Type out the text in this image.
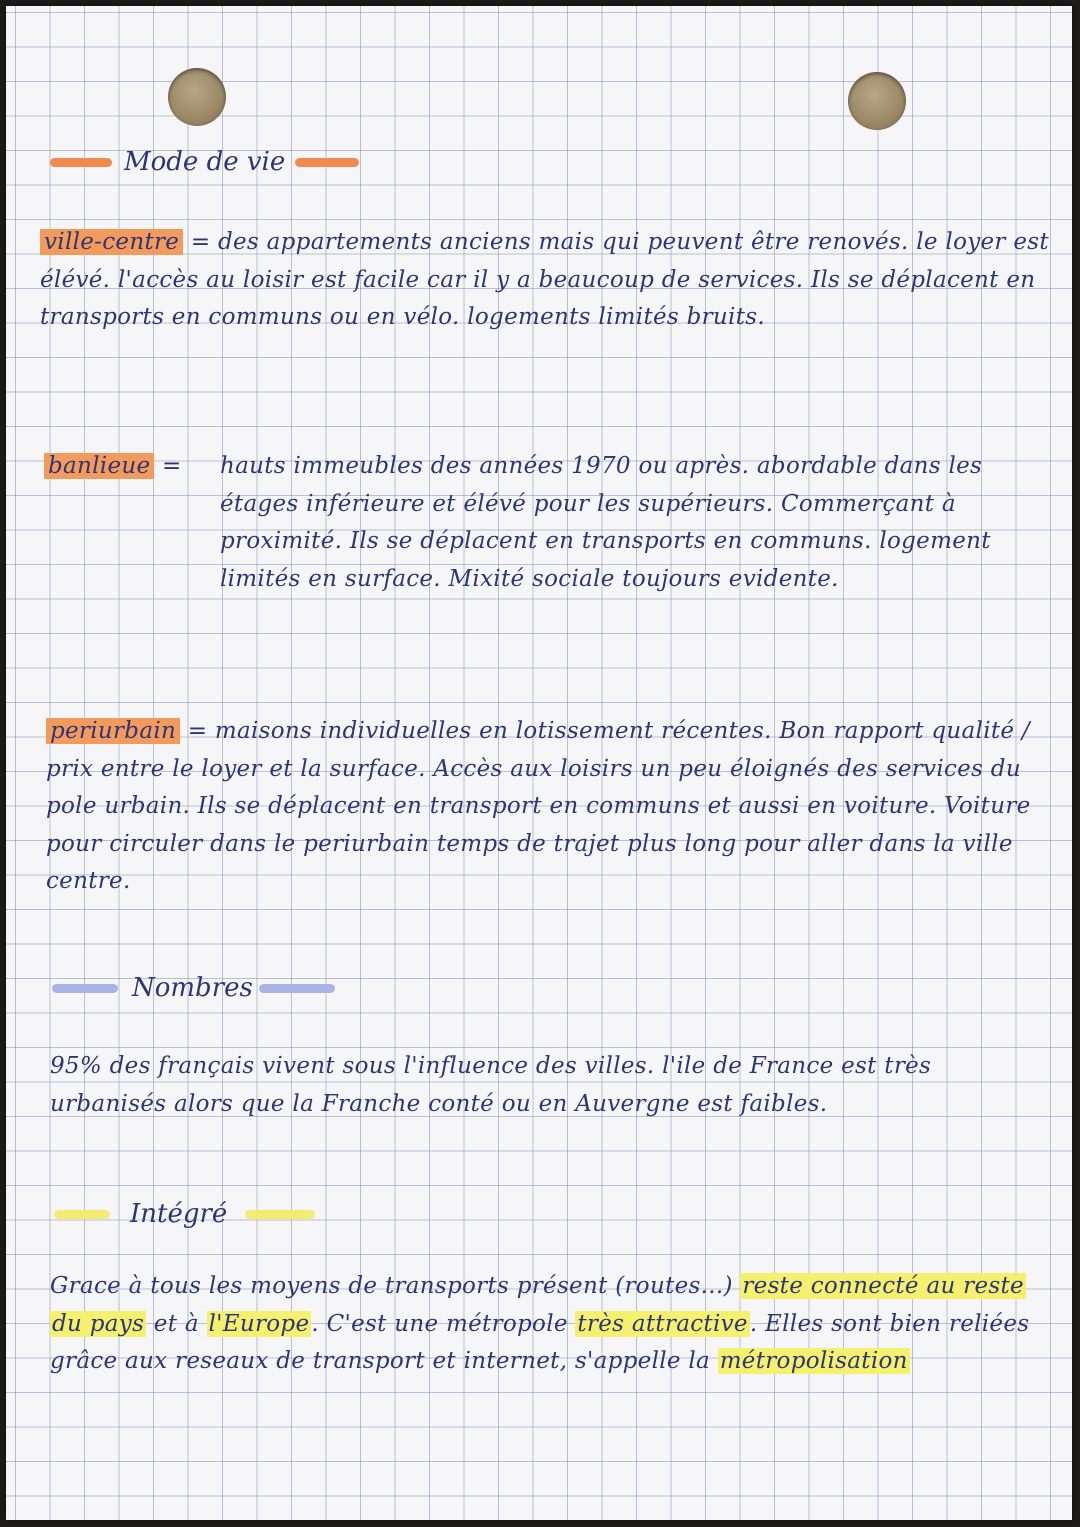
Mode de vie
ville-centre = des appartements anciens mais qui peuvent être renovés. le loyer est élévé. l'accès au loisir est facile car il y a beaucoup de services. Ils se déplacent en transports en communs ou en vélo. logements limités bruits.
banlieue =	hauts immeubles des années 1970 ou après. abordable dans les étages inférieure et élévé pour les supérieurs. Commerçant à proximité. Ils se déplacent en transports en communs. logement limités en surface. Mixité sociale toujours evidente.
periurbain = maisons individuelles en lotissement récentes. Bon rapport qualité / prix entre le loyer et la surface. Accès aux loisirs un peu éloignés des services du pole urbain. Ils se déplacent en transport en communs et aussi en voiture. Voiture pour circuler dans le periurbain temps de trajet plus long pour aller dans la ville centre.
Nombres
95% des français vivent sous l'influence des villes. l'ile de France est très urbanisés alors que la Franche conté ou en Auvergne est faibles.
Intégré
Grace à tous les moyens de transports présent (routes...) reste connecté au reste du pays et à l'Europe. C'est une métropole très attractive. Elles sont bien reliées grâce aux reseaux de transport et internet, s'appelle la métropolisation
